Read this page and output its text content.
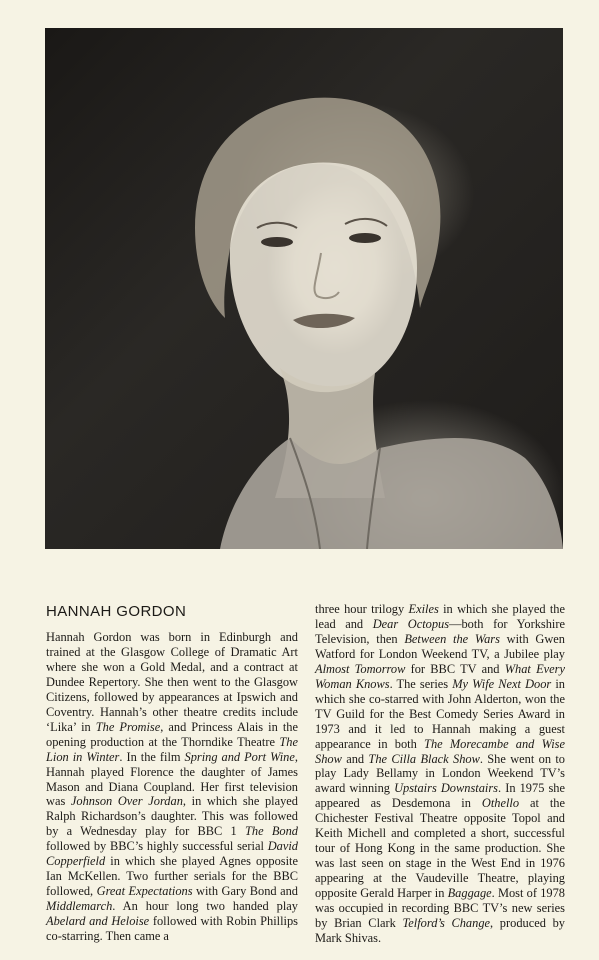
HANNAH GORDON
Hannah Gordon was born in Edinburgh and trained at the Glasgow College of Dramatic Art where she won a Gold Medal, and a contract at Dundee Repertory. She then went to the Glasgow Citizens, followed by appearances at Ipswich and Coventry. Hannah’s other theatre credits include ‘Lika’ in The Promise, and Princess Alais in the opening production at the Thorndike Theatre The Lion in Winter. In the film Spring and Port Wine, Hannah played Florence the daughter of James Mason and Diana Coupland. Her first television was Johnson Over Jordan, in which she played Ralph Richardson’s daughter. This was followed by a Wednesday play for BBC 1 The Bond followed by BBC’s highly successful serial David Copperfield in which she played Agnes opposite Ian McKellen. Two further serials for the BBC followed, Great Expectations with Gary Bond and Middlemarch. An hour long two handed play Abelard and Heloise followed with Robin Phillips co-starring. Then came a
three hour trilogy Exiles in which she played the lead and Dear Octopus—both for Yorkshire Television, then Between the Wars with Gwen Watford for London Weekend TV, a Jubilee play Almost Tomorrow for BBC TV and What Every Woman Knows. The series My Wife Next Door in which she co-starred with John Alderton, won the TV Guild for the Best Comedy Series Award in 1973 and it led to Hannah making a guest appearance in both The Morecambe and Wise Show and The Cilla Black Show. She went on to play Lady Bellamy in London Weekend TV’s award winning Upstairs Downstairs. In 1975 she appeared as Desdemona in Othello at the Chichester Festival Theatre opposite Topol and Keith Michell and completed a short, successful tour of Hong Kong in the same production. She was last seen on stage in the West End in 1976 appearing at the Vaudeville Theatre, playing opposite Gerald Harper in Baggage. Most of 1978 was occupied in recording BBC TV’s new series by Brian Clark Telford’s Change, produced by Mark Shivas.
